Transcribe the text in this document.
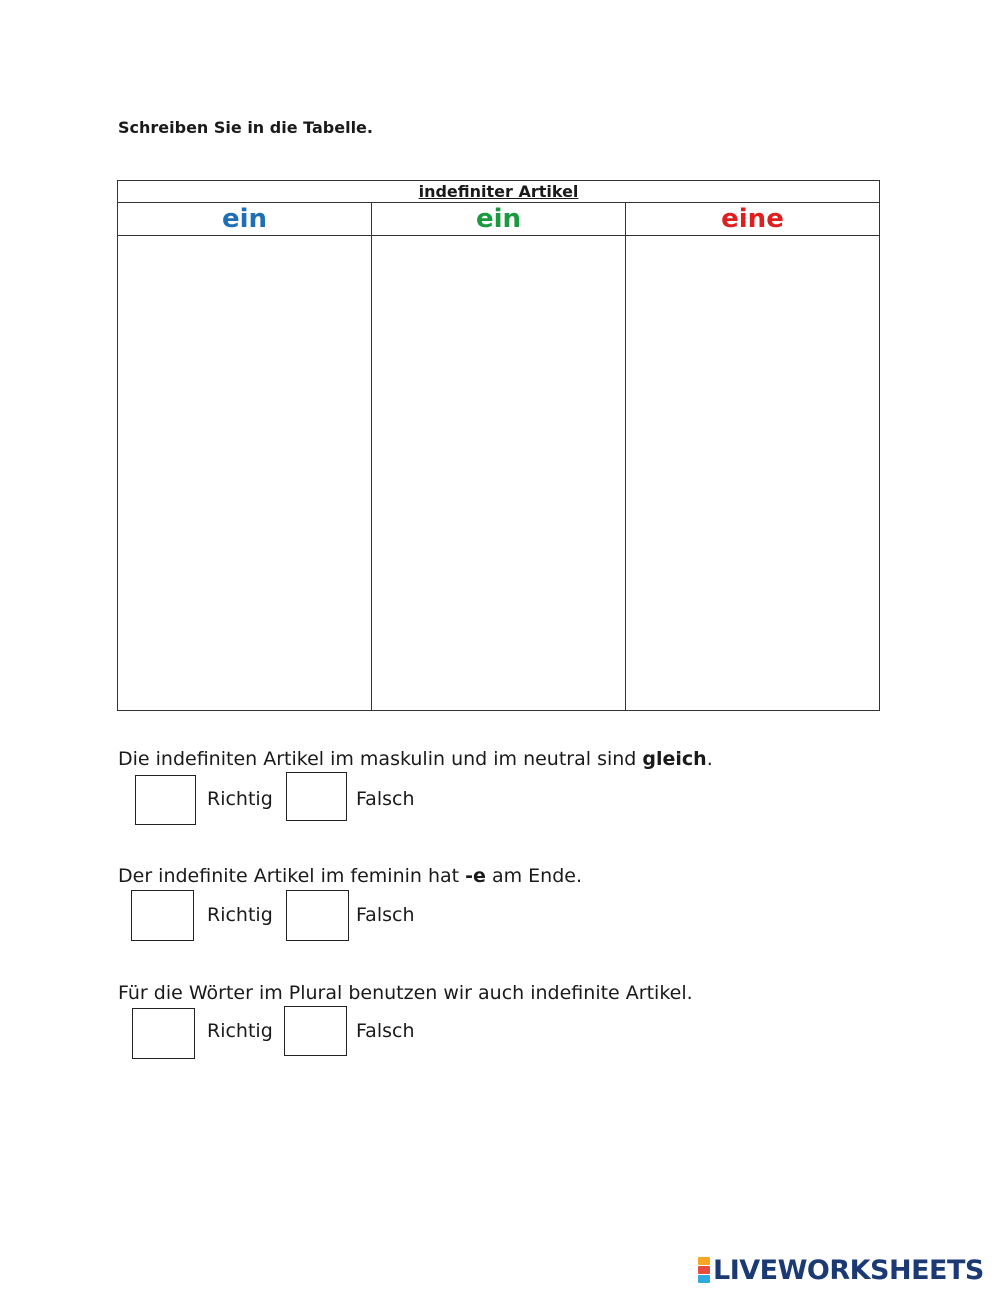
Schreiben Sie in die Tabelle.

indefiniter Artikel		
ein	ein	eine

Die indefiniten Artikel im maskulin und im neutral sind gleich.

Richtig	Falsch

Der indefinite Artikel im feminin hat -e am Ende.

Richtig	Falsch

Für die Wörter im Plural benutzen wir auch indefinite Artikel.

Richtig	Falsch
LIVEWORKSHEETS
